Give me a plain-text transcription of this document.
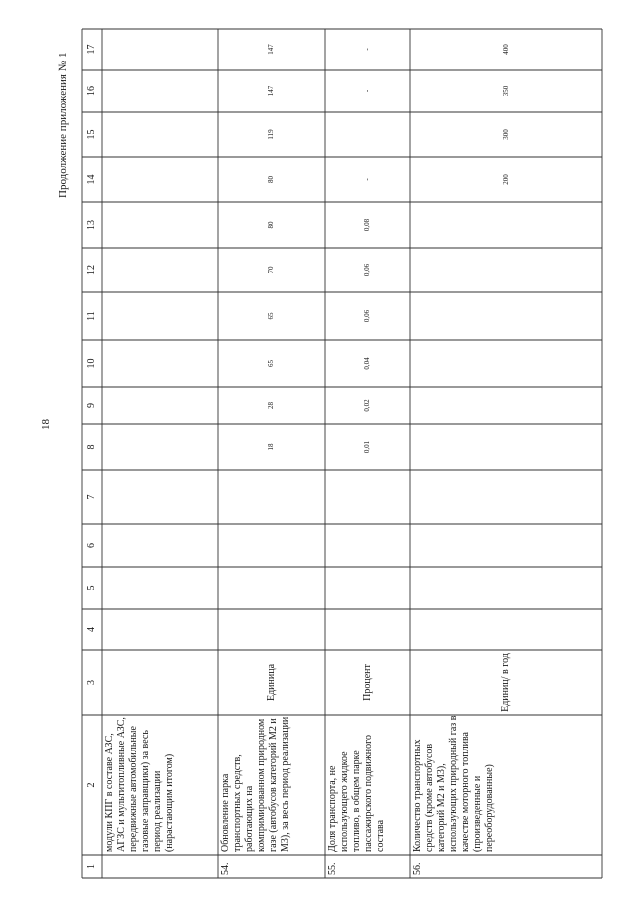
18
Продолжение приложения № 1
1
2
3
4
5
6
7
8
9
10
11
12
13
14
15
16
17
модули КПГ в составе АЗС, АГЗС и мультитопливные АЗС, передвижные автомобильные газовые заправщики) за весь период реализации (нарастающим итогом)
54.
Обновление парка транспортных средств, работающих на компримированном природном газе (автобусов категорий М2 и М3), за весь период реализации
Единица
18
28
65
65
70
80
80
119
147
147
55.
Доля транспорта, не использующего жидкое топливо, в общем парке пассажирского подвижного состава
Процент
0,01
0,02
0,04
0,06
0,06
0,08
-
-
-
56.
Количество транспортных средств (кроме автобусов категорий М2 и М3), использующих природный газ в качестве моторного топлива (произведенные и переоборудованные)
Единиц/ в год
200
300
350
400
